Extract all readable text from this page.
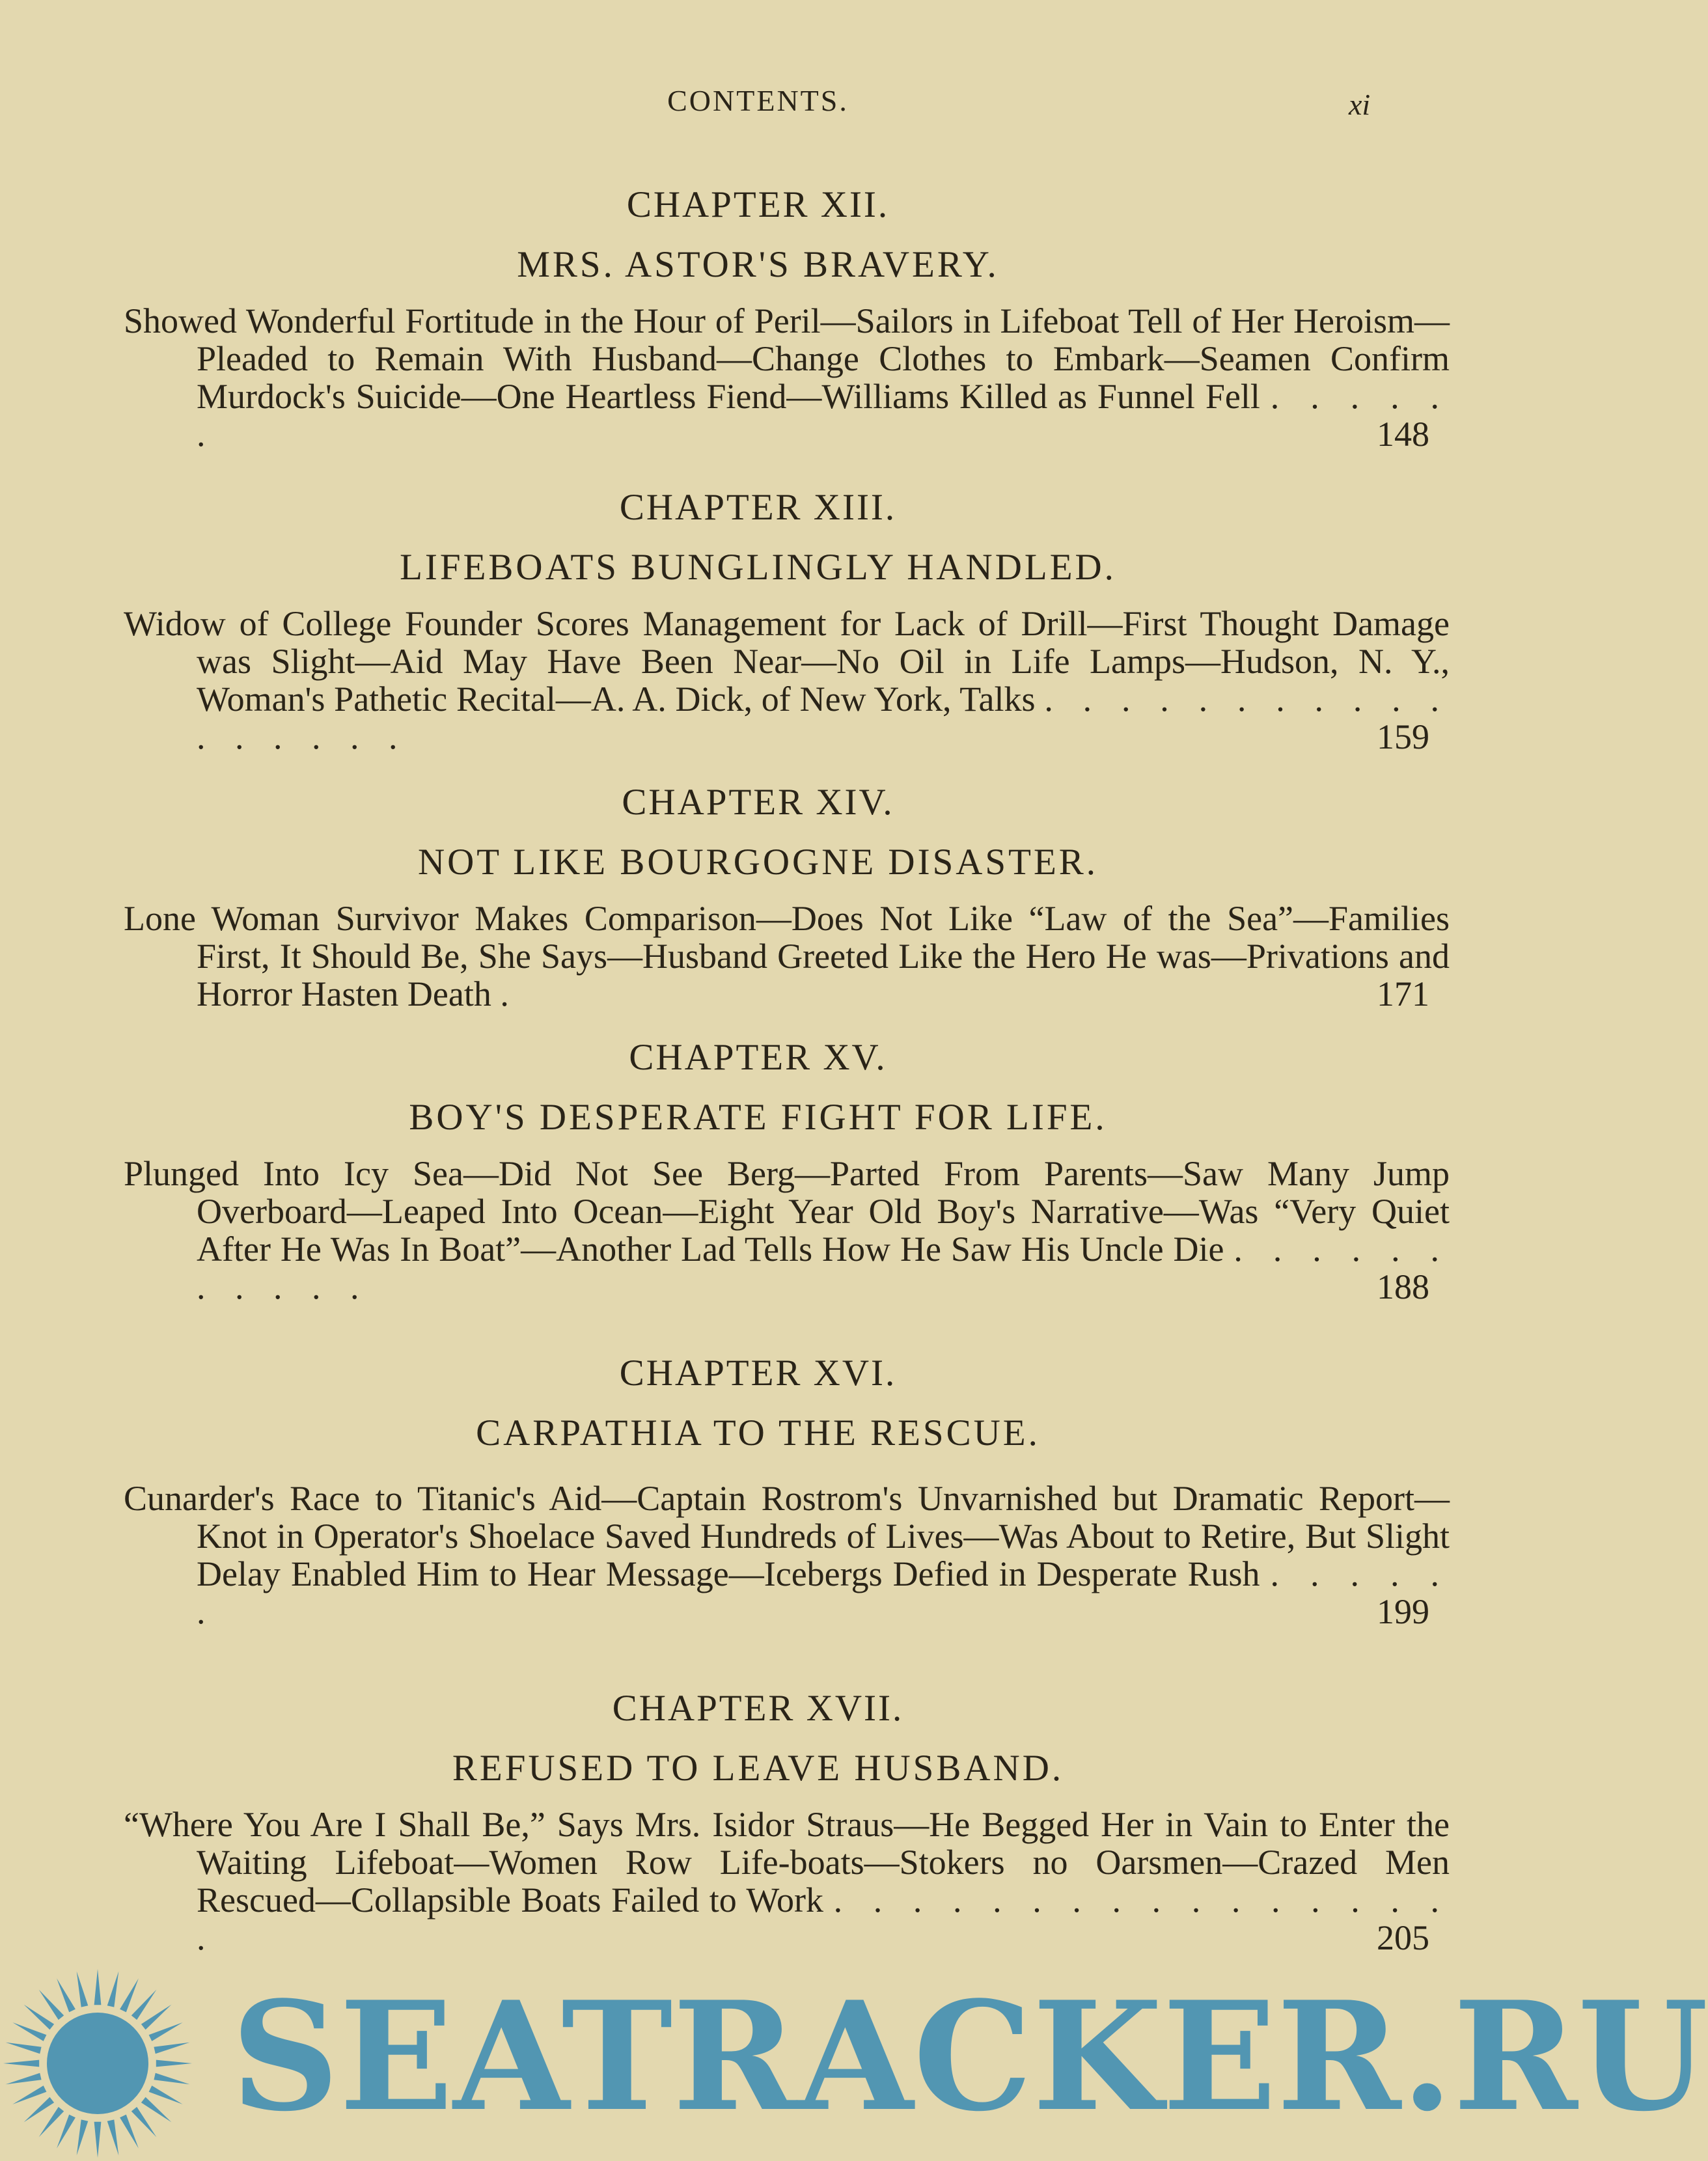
CONTENTS.	xi
CHAPTER XII.
MRS. ASTOR'S BRAVERY.
Showed Wonderful Fortitude in the Hour of Peril—Sailors in Lifeboat Tell of Her Heroism—Pleaded to Remain With Husband—Change Clothes to Embark—Seamen Confirm Murdock's Suicide—One Heartless Fiend—Williams Killed as Funnel Fell . . . . . .	148
CHAPTER XIII.
LIFEBOATS BUNGLINGLY HANDLED.
Widow of College Founder Scores Management for Lack of Drill—First Thought Damage was Slight—Aid May Have Been Near—No Oil in Life Lamps—Hudson, N. Y., Woman's Pathetic Recital—A. A. Dick, of New York, Talks . . . . . . . . . . . . . . . . .	159
CHAPTER XIV.
NOT LIKE BOURGOGNE DISASTER.
Lone Woman Survivor Makes Comparison—Does Not Like “Law of the Sea”—Families First, It Should Be, She Says—Husband Greeted Like the Hero He was—Privations and Horror Hasten Death .	171
CHAPTER XV.
BOY'S DESPERATE FIGHT FOR LIFE.
Plunged Into Icy Sea—Did Not See Berg—Parted From Parents—Saw Many Jump Overboard—Leaped Into Ocean—Eight Year Old Boy's Narrative—Was “Very Quiet After He Was In Boat”—Another Lad Tells How He Saw His Uncle Die . . . . . . . . . . .	188
CHAPTER XVI.
CARPATHIA TO THE RESCUE.
Cunarder's Race to Titanic's Aid—Captain Rostrom's Unvarnished but Dramatic Report—Knot in Operator's Shoelace Saved Hundreds of Lives—Was About to Retire, But Slight Delay Enabled Him to Hear Message—Icebergs Defied in Desperate Rush . . . . . .	199
CHAPTER XVII.
REFUSED TO LEAVE HUSBAND.
“Where You Are I Shall Be,” Says Mrs. Isidor Straus—He Begged Her in Vain to Enter the Waiting Lifeboat—Women Row Life-boats—Stokers no Oarsmen—Crazed Men Rescued—Collapsible Boats Failed to Work . . . . . . . . . . . . . . . . .	205
SEATRACKER.RU
